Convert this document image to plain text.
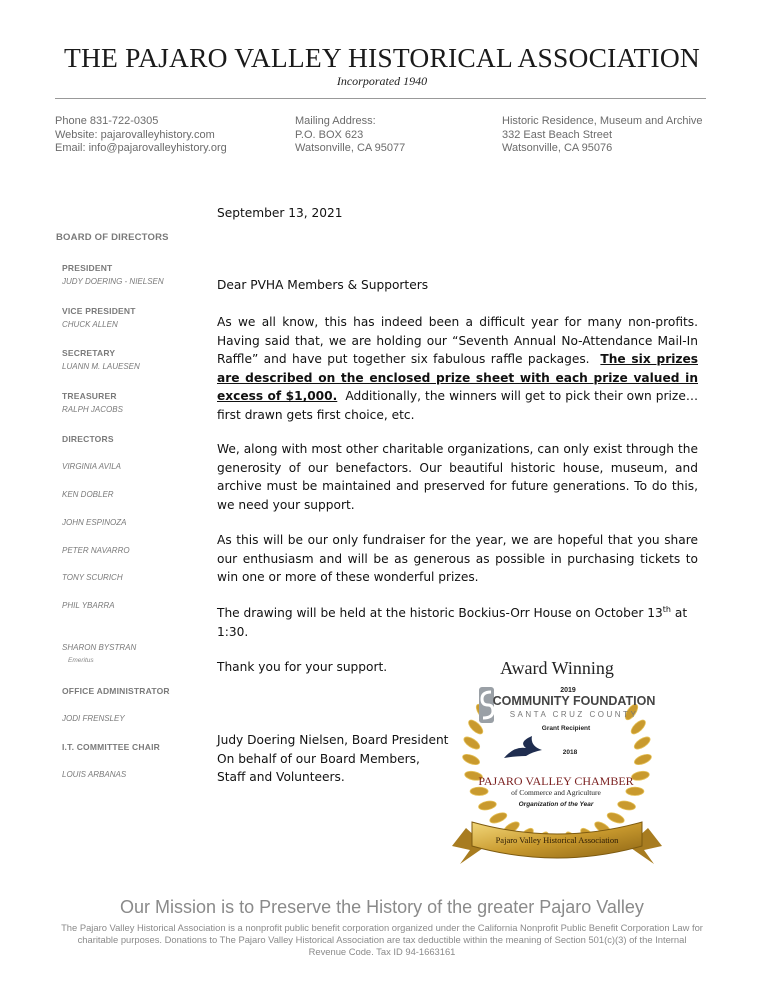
THE PAJARO VALLEY HISTORICAL ASSOCIATION
Incorporated 1940
Phone 831-722-0305
Website: pajarovalleyhistory.com
Email: info@pajarovalleyhistory.org
Mailing Address:
P.O. BOX 623
Watsonville, CA 95077
Historic Residence, Museum and Archive
332 East Beach Street
Watsonville, CA 95076
BOARD OF DIRECTORS
PRESIDENT
JUDY DOERING - NIELSEN
VICE PRESIDENT
CHUCK ALLEN
SECRETARY
LUANN M. LAUESEN
TREASURER
RALPH JACOBS
DIRECTORS
VIRGINIA AVILA
KEN DOBLER
JOHN ESPINOZA
PETER NAVARRO
TONY SCURICH
PHIL YBARRA
SHARON BYSTRAN
Emeritus
OFFICE ADMINISTRATOR
JODI FRENSLEY
I.T. COMMITTEE CHAIR
LOUIS ARBANAS
September 13, 2021
Dear PVHA Members & Supporters
As we all know, this has indeed been a difficult year for many non-profits. Having said that, we are holding our “Seventh Annual No-Attendance Mail-In Raffle” and have put together six fabulous raffle packages. The six prizes are described on the enclosed prize sheet with each prize valued in excess of $1,000. Additionally, the winners will get to pick their own prize…first drawn gets first choice, etc.
We, along with most other charitable organizations, can only exist through the generosity of our benefactors. Our beautiful historic house, museum, and archive must be maintained and preserved for future generations. To do this, we need your support.
As this will be our only fundraiser for the year, we are hopeful that you share our enthusiasm and will be as generous as possible in purchasing tickets to win one or more of these wonderful prizes.
The drawing will be held at the historic Bockius-Orr House on October 13th at 1:30.
Thank you for your support.
Judy Doering Nielsen, Board President
On behalf of our Board Members,
Staff and Volunteers.
Award Winning
2019
COMMUNITY FOUNDATION
SANTA CRUZ COUNTY
Grant Recipient
2018
PAJARO VALLEY CHAMBER
of Commerce and Agriculture
Organization of the Year
Pajaro Valley Historical Association
Our Mission is to Preserve the History of the greater Pajaro Valley
The Pajaro Valley Historical Association is a nonprofit public benefit corporation organized under the California Nonprofit Public Benefit Corporation Law for charitable purposes. Donations to The Pajaro Valley Historical Association are tax deductible within the meaning of Section 501(c)(3) of the Internal Revenue Code. Tax ID 94-1663161
